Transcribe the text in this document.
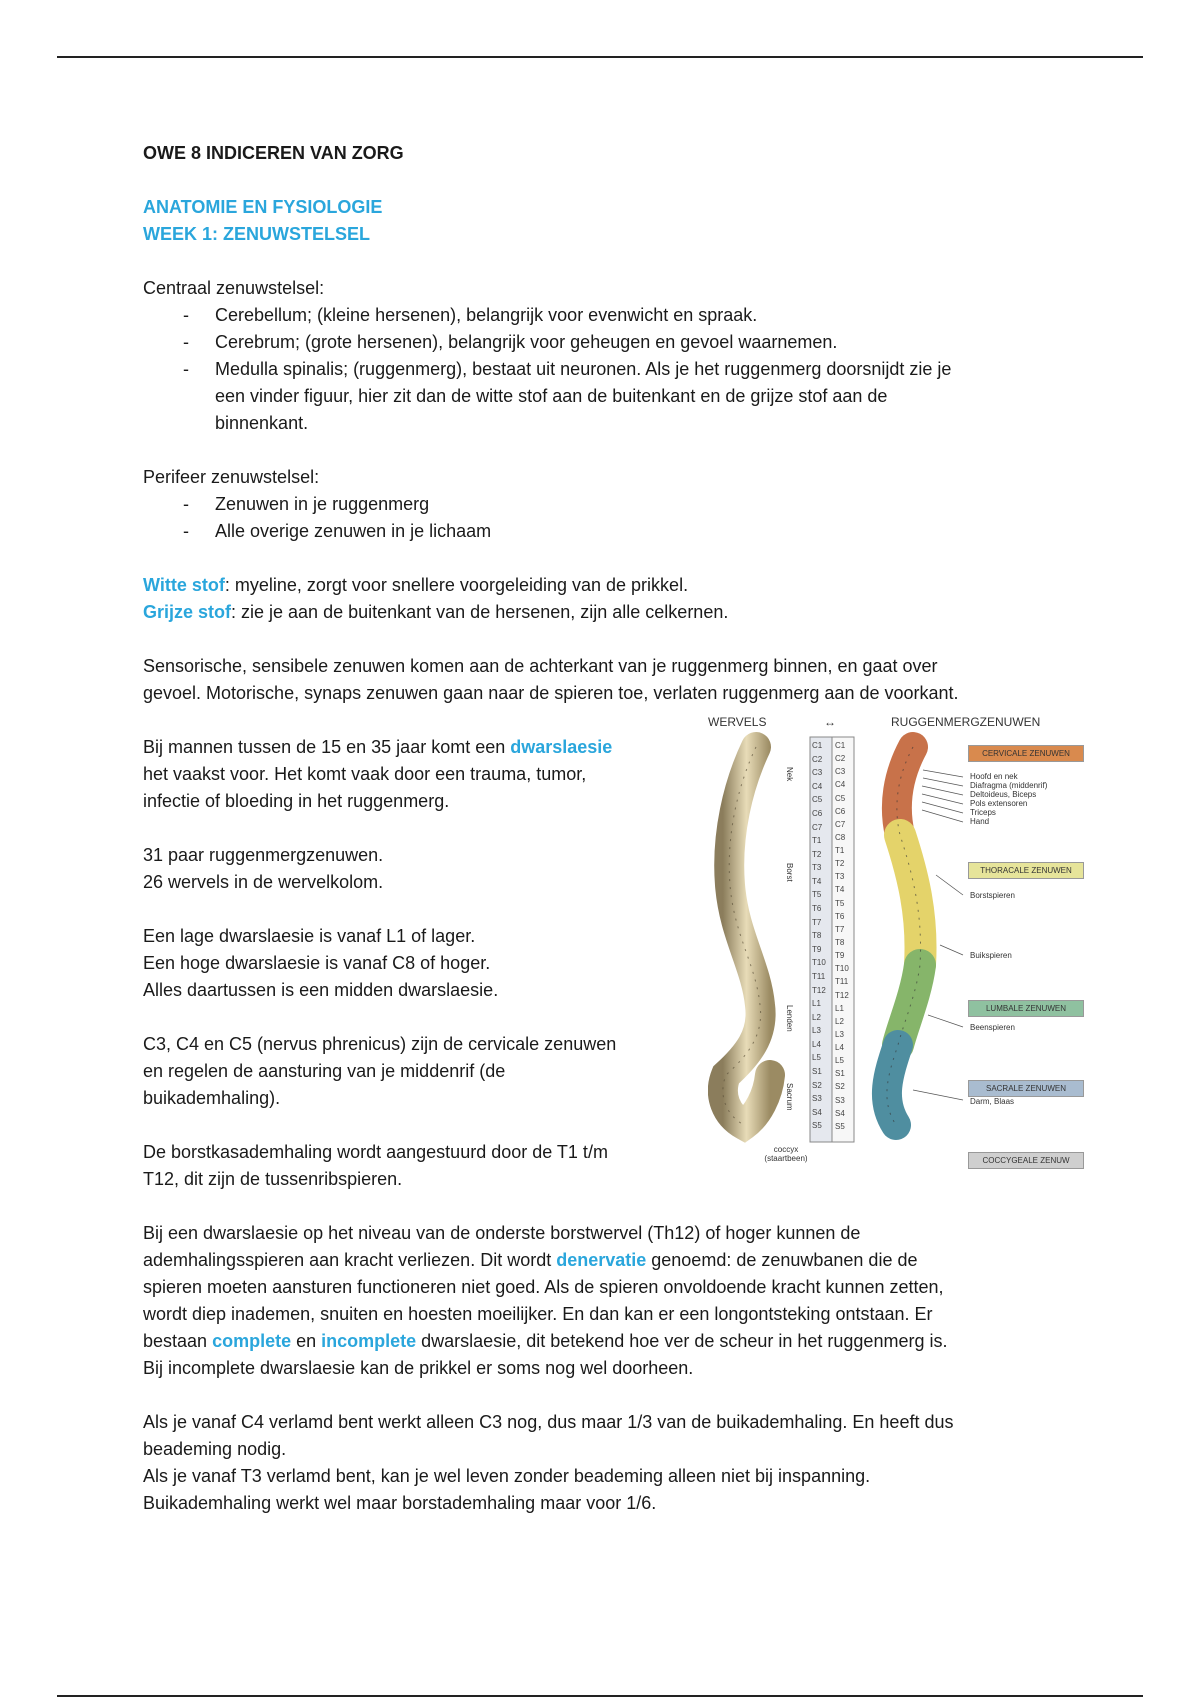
OWE 8 INDICEREN VAN ZORG
ANATOMIE EN FYSIOLOGIE
WEEK 1: ZENUWSTELSEL
Centraal zenuwstelsel:
- Cerebellum; (kleine hersenen), belangrijk voor evenwicht en spraak.
- Cerebrum; (grote hersenen), belangrijk voor geheugen en gevoel waarnemen.
- Medulla spinalis; (ruggenmerg), bestaat uit neuronen. Als je het ruggenmerg doorsnijdt zie je
een vinder figuur, hier zit dan de witte stof aan de buitenkant en de grijze stof aan de
binnenkant.
Perifeer zenuwstelsel:
- Zenuwen in je ruggenmerg
- Alle overige zenuwen in je lichaam
Witte stof: myeline, zorgt voor snellere voorgeleiding van de prikkel.
Grijze stof: zie je aan de buitenkant van de hersenen, zijn alle celkernen.
Sensorische, sensibele zenuwen komen aan de achterkant van je ruggenmerg binnen, en gaat over
gevoel. Motorische, synaps zenuwen gaan naar de spieren toe, verlaten ruggenmerg aan de voorkant.
Bij mannen tussen de 15 en 35 jaar komt een dwarslaesie
het vaakst voor. Het komt vaak door een trauma, tumor,
infectie of bloeding in het ruggenmerg.
31 paar ruggenmergzenuwen.
26 wervels in de wervelkolom.
Een lage dwarslaesie is vanaf L1 of lager.
Een hoge dwarslaesie is vanaf C8 of hoger.
Alles daartussen is een midden dwarslaesie.
C3, C4 en C5 (nervus phrenicus) zijn de cervicale zenuwen
en regelen de aansturing van je middenrif (de
buikademhaling).
De borstkasademhaling wordt aangestuurd door de T1 t/m
T12, dit zijn de tussenribspieren.
Bij een dwarslaesie op het niveau van de onderste borstwervel (Th12) of hoger kunnen de
ademhalingsspieren aan kracht verliezen. Dit wordt denervatie genoemd: de zenuwbanen die de
spieren moeten aansturen functioneren niet goed. Als de spieren onvoldoende kracht kunnen zetten,
wordt diep inademen, snuiten en hoesten moeilijker. En dan kan er een longontsteking ontstaan. Er
bestaan complete en incomplete dwarslaesie, dit betekend hoe ver de scheur in het ruggenmerg is.
Bij incomplete dwarslaesie kan de prikkel er soms nog wel doorheen.
Als je vanaf C4 verlamd bent werkt alleen C3 nog, dus maar 1/3 van de buikademhaling. En heeft dus
beademing nodig.
Als je vanaf T3 verlamd bent, kan je wel leven zonder beademing alleen niet bij inspanning.
Buikademhaling werkt wel maar borstademhaling maar voor 1/6.
WERVELS	↔	RUGGENMERGZENUWEN
C1
C2
C3
C4
C5
C6
C7
T1
T2
T3
T4
T5
T6
T7
T8
T9
T10
T11
T12
L1
L2
L3
L4
L5
S1
S2
S3
S4
S5
C1
C2
C3
C4
C5
C6
C7
C8
T1
T2
T3
T4
T5
T6
T7
T8
T9
T10
T11
T12
L1
L2
L3
L4
L5
S1
S2
S3
S4
S5
Nek
Borst
Lenden
Sacrum
coccyx (staartbeen)
CERVICALE ZENUWEN
THORACALE ZENUWEN
LUMBALE ZENUWEN
SACRALE ZENUWEN
COCCYGEALE ZENUW
Hoofd en nek
Diafragma (middenrif)
Deltoideus, Biceps
Pols extensoren
Triceps
Hand
Borstspieren
Buikspieren
Beenspieren
Darm, Blaas
